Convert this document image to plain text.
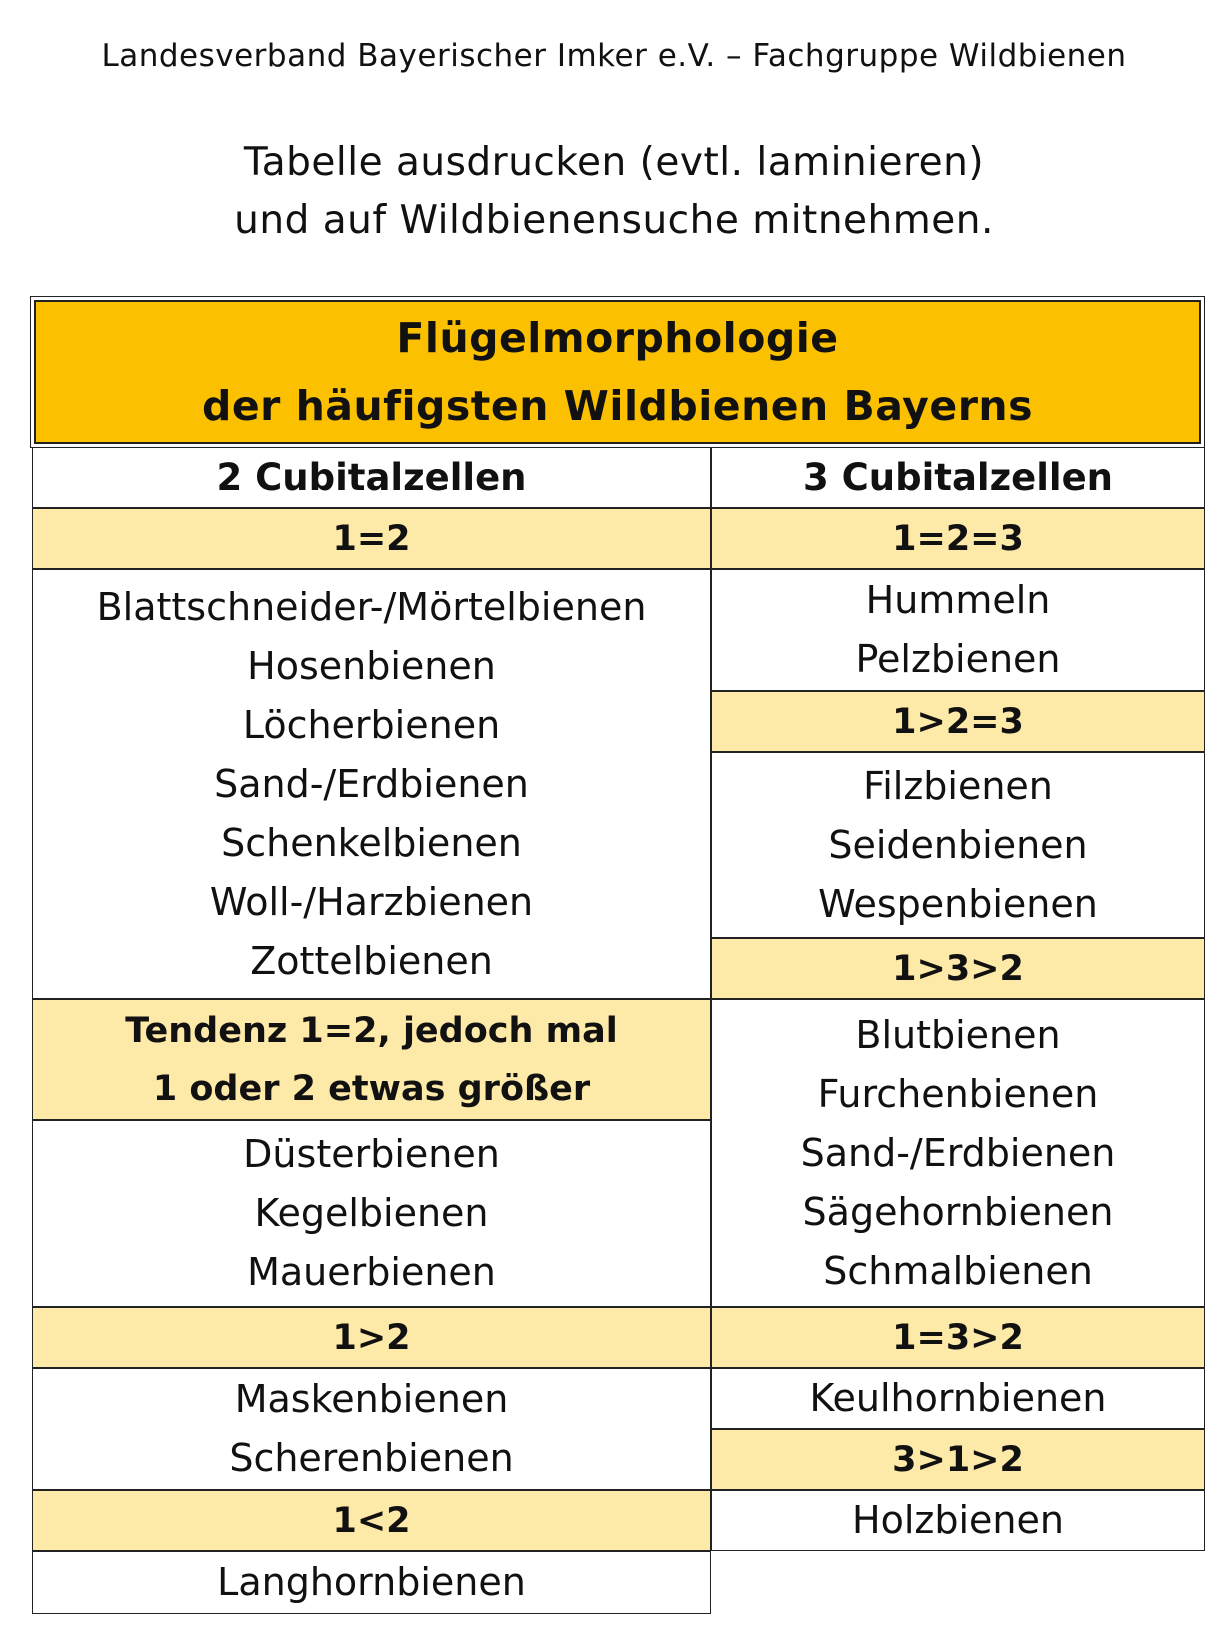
Landesverband Bayerischer Imker e.V. – Fachgruppe Wildbienen
Tabelle ausdrucken (evtl. laminieren)
und auf Wildbienensuche mitnehmen.
Flügelmorphologie
der häufigsten Wildbienen Bayerns
2 Cubitalzellen
1=2
Blattschneider-/Mörtelbienen
Hosenbienen
Löcherbienen
Sand-/Erdbienen
Schenkelbienen
Woll-/Harzbienen
Zottelbienen
Tendenz 1=2, jedoch mal
1 oder 2 etwas größer
Düsterbienen
Kegelbienen
Mauerbienen
1>2
Maskenbienen
Scherenbienen
1<2
Langhornbienen
3 Cubitalzellen
1=2=3
Hummeln
Pelzbienen
1>2=3
Filzbienen
Seidenbienen
Wespenbienen
1>3>2
Blutbienen
Furchenbienen
Sand-/Erdbienen
Sägehornbienen
Schmalbienen
1=3>2
Keulhornbienen
3>1>2
Holzbienen
